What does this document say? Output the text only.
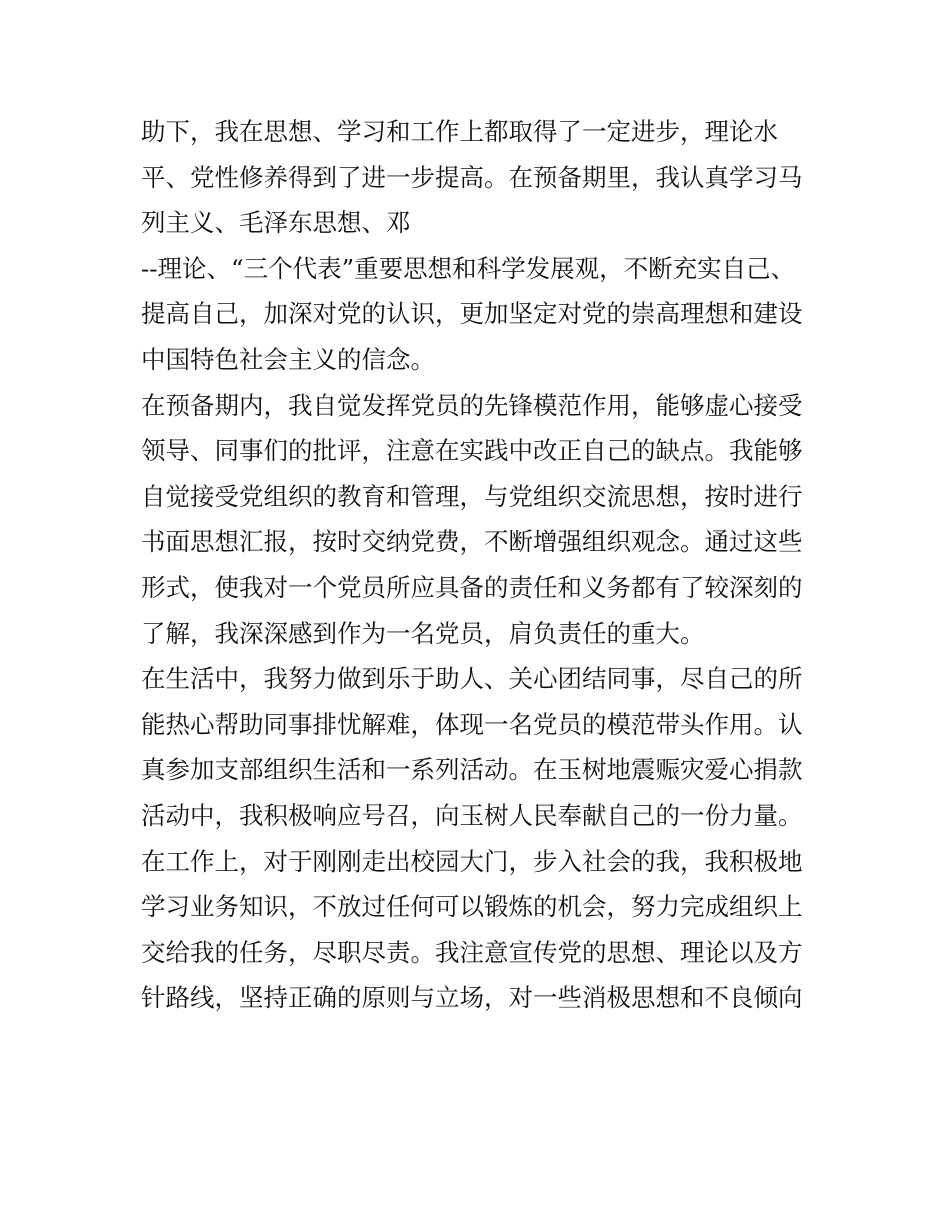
助下，我在思想、学习和工作上都取得了一定进步，理论水

平、党性修养得到了进一步提高。在预备期里，我认真学习马

列主义、毛泽东思想、邓

--理论、“三个代表”重要思想和科学发展观，不断充实自己、

提高自己，加深对党的认识，更加坚定对党的崇高理想和建设

中国特色社会主义的信念。

在预备期内，我自觉发挥党员的先锋模范作用，能够虚心接受

领导、同事们的批评，注意在实践中改正自己的缺点。我能够

自觉接受党组织的教育和管理，与党组织交流思想，按时进行

书面思想汇报，按时交纳党费，不断增强组织观念。通过这些

形式，使我对一个党员所应具备的责任和义务都有了较深刻的

了解，我深深感到作为一名党员，肩负责任的重大。

在生活中，我努力做到乐于助人、关心团结同事，尽自己的所

能热心帮助同事排忧解难，体现一名党员的模范带头作用。认

真参加支部组织生活和一系列活动。在玉树地震赈灾爱心捐款

活动中，我积极响应号召，向玉树人民奉献自己的一份力量。

在工作上，对于刚刚走出校园大门，步入社会的我，我积极地

学习业务知识，不放过任何可以锻炼的机会，努力完成组织上

交给我的任务，尽职尽责。我注意宣传党的思想、理论以及方

针路线，坚持正确的原则与立场，对一些消极思想和不良倾向
